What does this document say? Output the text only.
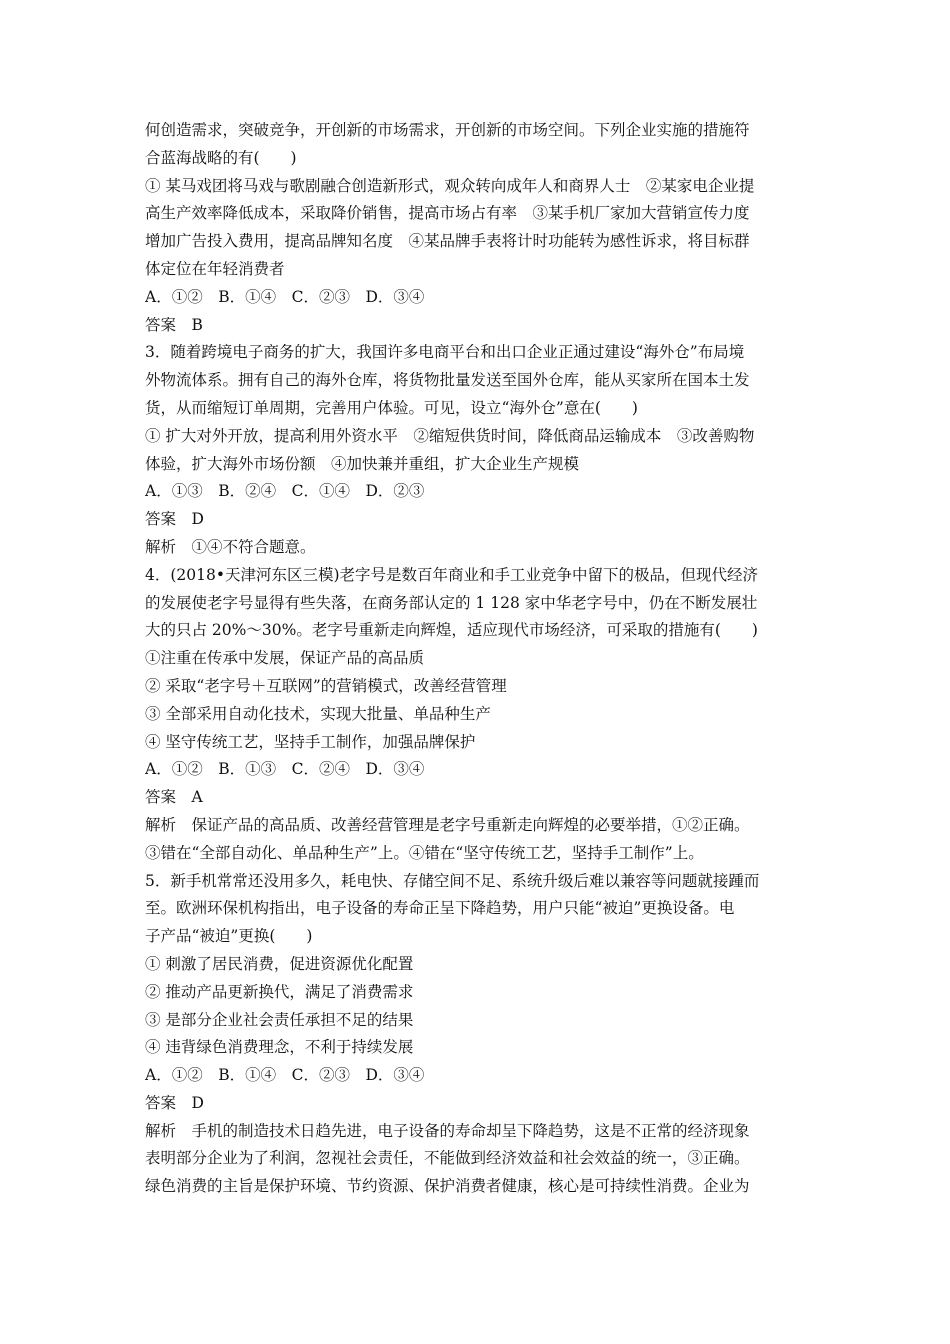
何创造需求，突破竞争，开创新的市场需求，开创新的市场空间。下列企业实施的措施符
合蓝海战略的有(　　)
① 某马戏团将马戏与歌剧融合创造新形式，观众转向成年人和商界人士　②某家电企业提
高生产效率降低成本，采取降价销售，提高市场占有率　③某手机厂家加大营销宣传力度
增加广告投入费用，提高品牌知名度　④某品牌手表将计时功能转为感性诉求，将目标群
体定位在年轻消费者
A．①②　B．①④　C．②③　D．③④
答案　B
3．随着跨境电子商务的扩大，我国许多电商平台和出口企业正通过建设“海外仓”布局境
外物流体系。拥有自己的海外仓库，将货物批量发送至国外仓库，能从买家所在国本土发
货，从而缩短订单周期，完善用户体验。可见，设立“海外仓”意在(　　)
① 扩大对外开放，提高利用外资水平　②缩短供货时间，降低商品运输成本　③改善购物
体验，扩大海外市场份额　④加快兼并重组，扩大企业生产规模
A．①③　B．②④　C．①④　D．②③
答案　D
解析　①④不符合题意。
4．(2018•天津河东区三模)老字号是数百年商业和手工业竞争中留下的极品，但现代经济
的发展使老字号显得有些失落，在商务部认定的 1 128 家中华老字号中，仍在不断发展壮
大的只占 20%～30%。老字号重新走向辉煌，适应现代市场经济，可采取的措施有(　　)
①注重在传承中发展，保证产品的高品质
② 采取“老字号＋互联网”的营销模式，改善经营管理
③ 全部采用自动化技术，实现大批量、单品种生产
④ 坚守传统工艺，坚持手工制作，加强品牌保护
A．①②　B．①③　C．②④　D．③④
答案　A
解析　保证产品的高品质、改善经营管理是老字号重新走向辉煌的必要举措，①②正确。
③错在“全部自动化、单品种生产”上。④错在“坚守传统工艺，坚持手工制作”上。
5．新手机常常还没用多久，耗电快、存储空间不足、系统升级后难以兼容等问题就接踵而
至。欧洲环保机构指出，电子设备的寿命正呈下降趋势，用户只能“被迫”更换设备。电
子产品“被迫”更换(　　)
① 刺激了居民消费，促进资源优化配置
② 推动产品更新换代，满足了消费需求
③ 是部分企业社会责任承担不足的结果
④ 违背绿色消费理念，不利于持续发展
A．①②　B．①④　C．②③　D．③④
答案　D
解析　手机的制造技术日趋先进，电子设备的寿命却呈下降趋势，这是不正常的经济现象
表明部分企业为了利润，忽视社会责任，不能做到经济效益和社会效益的统一，③正确。
绿色消费的主旨是保护环境、节约资源、保护消费者健康，核心是可持续性消费。企业为
